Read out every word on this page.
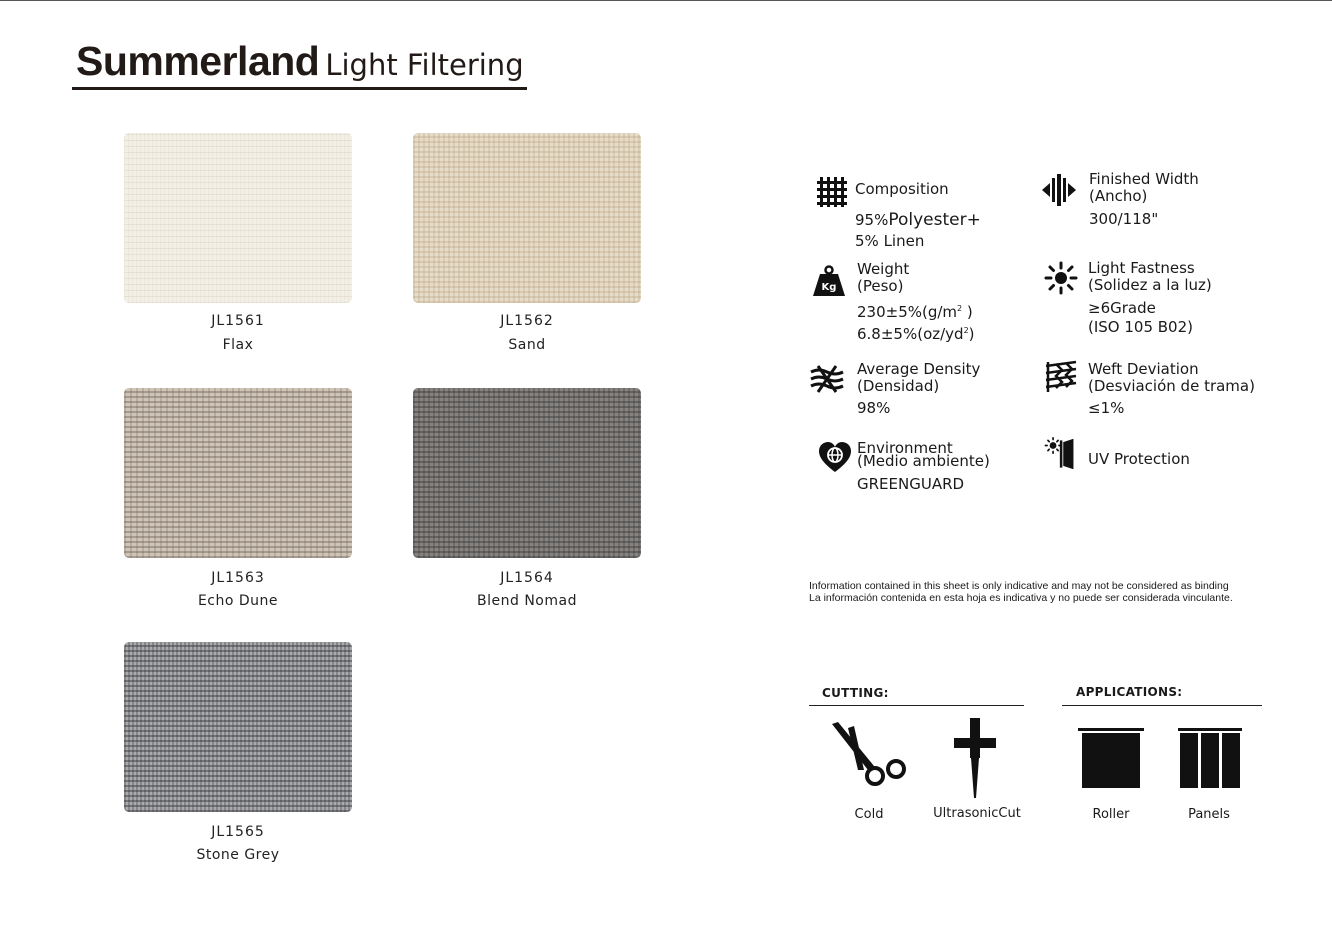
Summerland Light Filtering
JL1561
Flax
JL1562
Sand
JL1563
Echo Dune
JL1564
Blend Nomad
JL1565
Stone Grey
Composition
95%Polyester+
5% Linen
Finished Width
(Ancho)
300/118"
Kg
Weight
(Peso)
$230\pm 5\%(g/m^2$ )
$6.8\pm 5\%(oz/yd^2)$
Light Fastness
(Solidez a la luz)
≥6Grade
(ISO 105 B02)
Average Density
(Densidad)
98%
Weft Deviation
(Desviación de trama)
≤1%
Environment
(Medio ambiente)
GREENGUARD
UV Protection
Information contained in this sheet is only indicative and may not be considered as binding
La información contenida en esta hoja es indicativa y no puede ser considerada vinculante.
CUTTING:
Cold	UltrasonicCut
APPLICATIONS:
Roller	Panels
